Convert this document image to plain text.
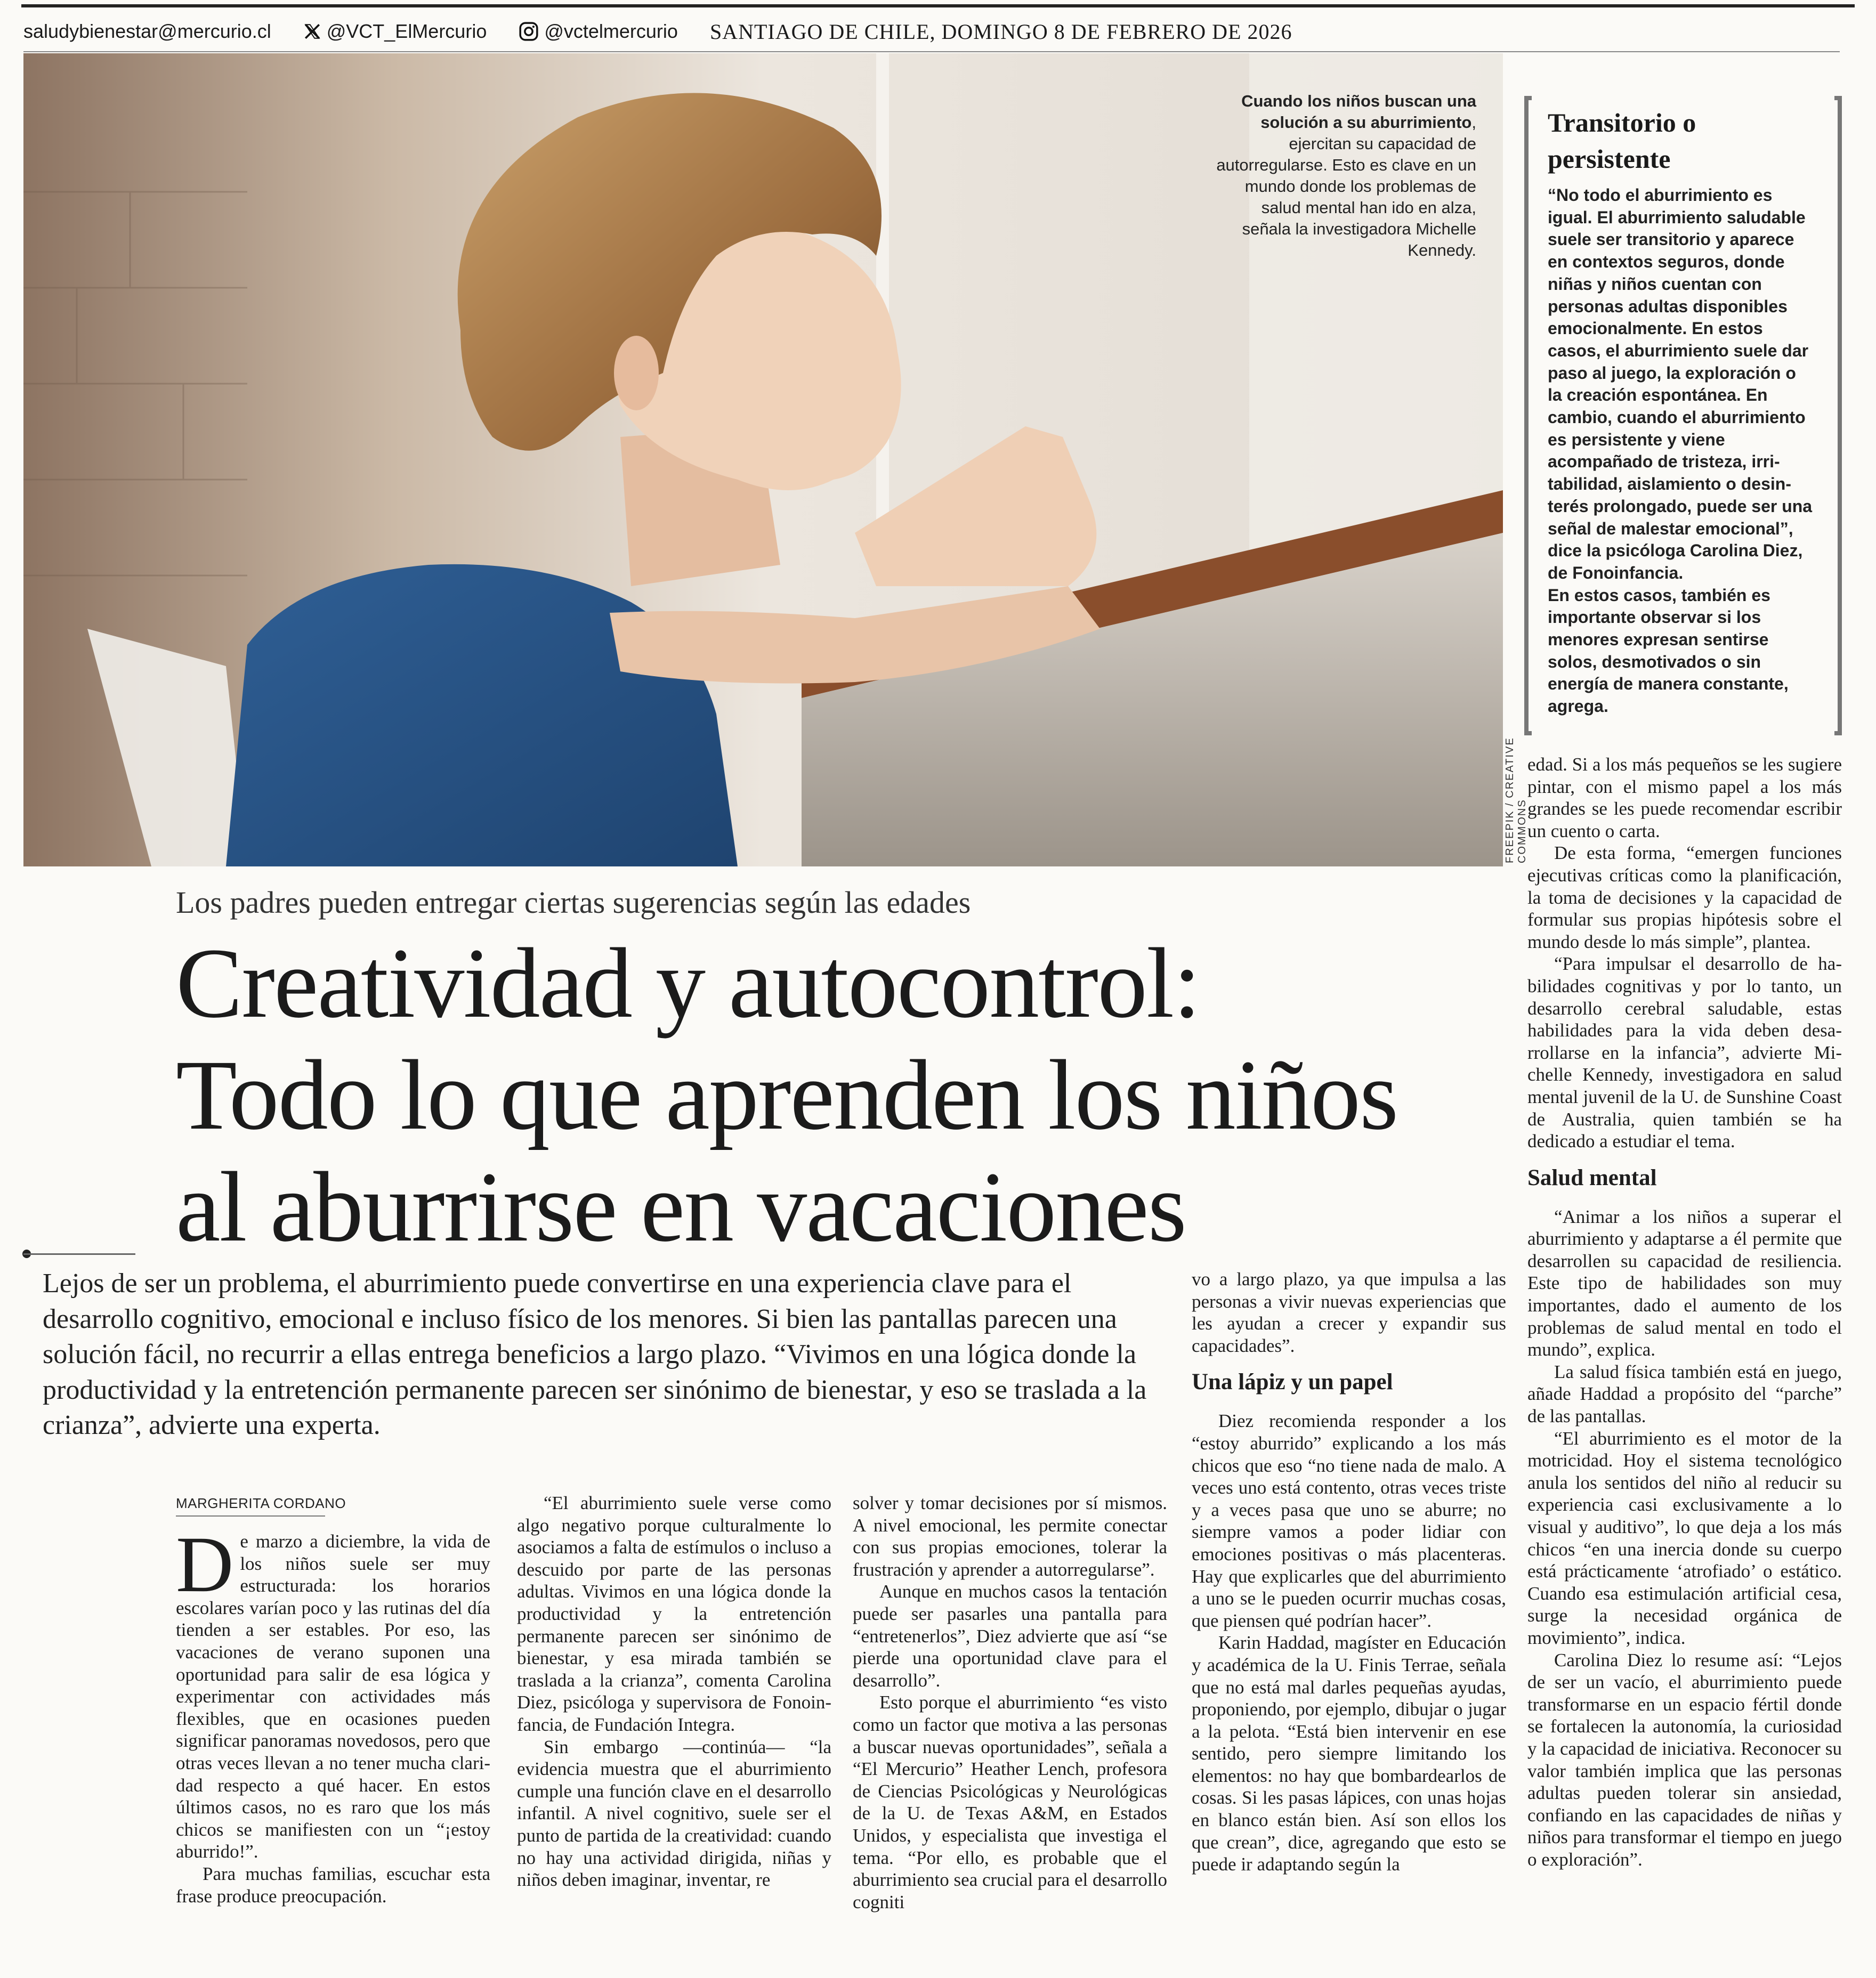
saludybienestar@mercurio.cl	@VCT_ElMercurio	@vctelmercurio SANTIAGO DE CHILE, DOMINGO 8 DE FEBRERO DE 2026
FREEPIK / CREATIVE COMMONS
Cuando los niños buscan una solución a su aburrimiento, ejercitan su capacidad de autorregularse. Esto es clave en un mundo donde los problemas de salud mental han ido en alza, señala la investigadora Michelle Kennedy.
Transitorio o persistente

“No todo el aburrimiento es igual. El aburrimiento saludable suele ser transitorio y aparece en contextos seguros, donde niñas y niños cuentan con personas adultas disponibles emocionalmente. En estos casos, el aburrimiento suele dar paso al juego, la exploración o la creación espontánea. En cambio, cuando el aburrimiento es persistente y viene acompañado de tristeza, irritabilidad, aislamiento o desinterés prolongado, puede ser una señal de malestar emocional”, dice la psicóloga Carolina Diez, de Fonoinfancia.

En estos casos, también es importante observar si los menores expresan sentirse solos, desmotivados o sin energía de manera constante, agrega.

Los padres pueden entregar ciertas sugerencias según las edades
Creatividad y autocontrol:
Todo lo que aprenden los niños
al aburrirse en vacaciones
Lejos de ser un problema, el aburrimiento puede convertirse en una experiencia clave para el desarrollo cognitivo, emocional e incluso físico de los menores. Si bien las pantallas parecen una solución fácil, no recurrir a ellas entrega beneficios a largo plazo. “Vivimos en una lógica donde la productividad y la entretención permanente parecen ser sinónimo de bienestar, y eso se traslada a la crianza”, advierte una experta.
MARGHERITA CORDANO

De marzo a diciembre, la vida de los niños suele ser muy estructurada: los horarios escolares varían poco y las rutinas del día tienden a ser estables. Por eso, las vacaciones de verano suponen una oportunidad para salir de esa lógica y experimentar con actividades más flexibles, que en ocasiones pueden significar panoramas novedosos, pero que otras veces llevan a no tener mucha claridad respecto a qué hacer. En estos últimos casos, no es raro que los más chicos se manifiesten con un “¡estoy aburrido!”.

Para muchas familias, escuchar esta frase produce preocupación.

“El aburrimiento suele verse como algo negativo porque culturalmente lo asociamos a falta de estímulos o incluso a descuido por parte de las personas adultas. Vivimos en una lógica donde la productividad y la entretención permanente parecen ser sinónimo de bienestar, y esa mirada también se traslada a la crianza”, comenta Carolina Diez, psicóloga y supervisora de Fonoinfancia, de Fundación Integra.

Sin embargo —continúa— “la evidencia muestra que el aburrimiento cumple una función clave en el desarrollo infantil. A nivel cognitivo, suele ser el punto de partida de la creatividad: cuando no hay una actividad dirigida, niñas y niños deben imaginar, inventar, re

solver y tomar decisiones por sí mismos. A nivel emocional, les permite conectar con sus propias emociones, tolerar la frustración y aprender a autorregularse”.

Aunque en muchos casos la tentación puede ser pasarles una pantalla para “entretenerlos”, Diez advierte que así “se pierde una oportunidad clave para el desarrollo”.

Esto porque el aburrimiento “es visto como un factor que motiva a las personas a buscar nuevas oportunidades”, señala a “El Mercurio” Heather Lench, profesora de Ciencias Psicológicas y Neurológicas de la U. de Texas A&M, en Estados Unidos, y especialista que investiga el tema. “Por ello, es probable que el aburrimiento sea crucial para el desarrollo cogniti

vo a largo plazo, ya que impulsa a las personas a vivir nuevas experiencias que les ayudan a crecer y expandir sus capacidades”.

Una lápiz y un papel

Diez recomienda responder a los “estoy aburrido” explicando a los más chicos que eso “no tiene nada de malo. A veces uno está contento, otras veces triste y a veces pasa que uno se aburre; no siempre vamos a poder lidiar con emociones positivas o más placenteras. Hay que explicarles que del aburrimiento a uno se le pueden ocurrir muchas cosas, que piensen qué podrían hacer”.

Karin Haddad, magíster en Educación y académica de la U. Finis Terrae, señala que no está mal darles pequeñas ayudas, proponiendo, por ejemplo, dibujar o jugar a la pelota. “Está bien intervenir en ese sentido, pero siempre limitando los elementos: no hay que bombardearlos de cosas. Si les pasas lápices, con unas hojas en blanco están bien. Así son ellos los que crean”, dice, agregando que esto se puede ir adaptando según la

edad. Si a los más pequeños se les sugiere pintar, con el mismo papel a los más grandes se les puede recomendar escribir un cuento o carta.

De esta forma, “emergen funciones ejecutivas críticas como la planificación, la toma de decisiones y la capacidad de formular sus propias hipótesis sobre el mundo desde lo más simple”, plantea.

“Para impulsar el desarrollo de habilidades cognitivas y por lo tanto, un desarrollo cerebral saludable, estas habilidades para la vida deben desarrollarse en la infancia”, advierte Michelle Kennedy, investigadora en salud mental juvenil de la U. de Sunshine Coast de Australia, quien también se ha dedicado a estudiar el tema.

Salud mental

“Animar a los niños a superar el aburrimiento y adaptarse a él permite que desarrollen su capacidad de resiliencia. Este tipo de habilidades son muy importantes, dado el aumento de los problemas de salud mental en todo el mundo”, explica.

La salud física también está en juego, añade Haddad a propósito del “parche” de las pantallas.

“El aburrimiento es el motor de la motricidad. Hoy el sistema tecnológico anula los sentidos del niño al reducir su experiencia casi exclusivamente a lo visual y auditivo”, lo que deja a los más chicos “en una inercia donde su cuerpo está prácticamente ‘atrofiado’ o estático. Cuando esa estimulación artificial cesa, surge la necesidad orgánica de movimiento”, indica.

Carolina Diez lo resume así: “Lejos de ser un vacío, el aburrimiento puede transformarse en un espacio fértil donde se fortalecen la autonomía, la curiosidad y la capacidad de iniciativa. Reconocer su valor también implica que las personas adultas pueden tolerar sin ansiedad, confiando en las capacidades de niñas y niños para transformar el tiempo en juego o exploración”.
